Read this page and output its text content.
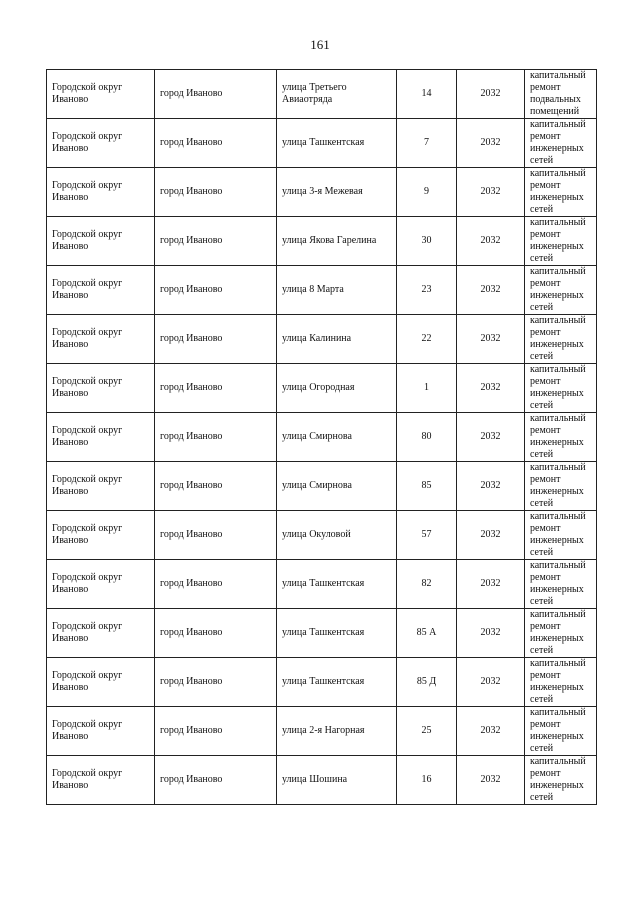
161
Городской округ Иваново	город Иваново	улица Третьего Авиаотряда	14	2032	капитальный ремонт подвальных помещений
Городской округ Иваново	город Иваново	улица Ташкентская	7	2032	капитальный ремонт инженерных сетей
Городской округ Иваново	город Иваново	улица 3-я Межевая	9	2032	капитальный ремонт инженерных сетей
Городской округ Иваново	город Иваново	улица Якова Гарелина	30	2032	капитальный ремонт инженерных сетей
Городской округ Иваново	город Иваново	улица 8 Марта	23	2032	капитальный ремонт инженерных сетей
Городской округ Иваново	город Иваново	улица Калинина	22	2032	капитальный ремонт инженерных сетей
Городской округ Иваново	город Иваново	улица Огородная	1	2032	капитальный ремонт инженерных сетей
Городской округ Иваново	город Иваново	улица Смирнова	80	2032	капитальный ремонт инженерных сетей
Городской округ Иваново	город Иваново	улица Смирнова	85	2032	капитальный ремонт инженерных сетей
Городской округ Иваново	город Иваново	улица Окуловой	57	2032	капитальный ремонт инженерных сетей
Городской округ Иваново	город Иваново	улица Ташкентская	82	2032	капитальный ремонт инженерных сетей
Городской округ Иваново	город Иваново	улица Ташкентская	85 А	2032	капитальный ремонт инженерных сетей
Городской округ Иваново	город Иваново	улица Ташкентская	85 Д	2032	капитальный ремонт инженерных сетей
Городской округ Иваново	город Иваново	улица 2-я Нагорная	25	2032	капитальный ремонт инженерных сетей
Городской округ Иваново	город Иваново	улица Шошина	16	2032	капитальный ремонт инженерных сетей
